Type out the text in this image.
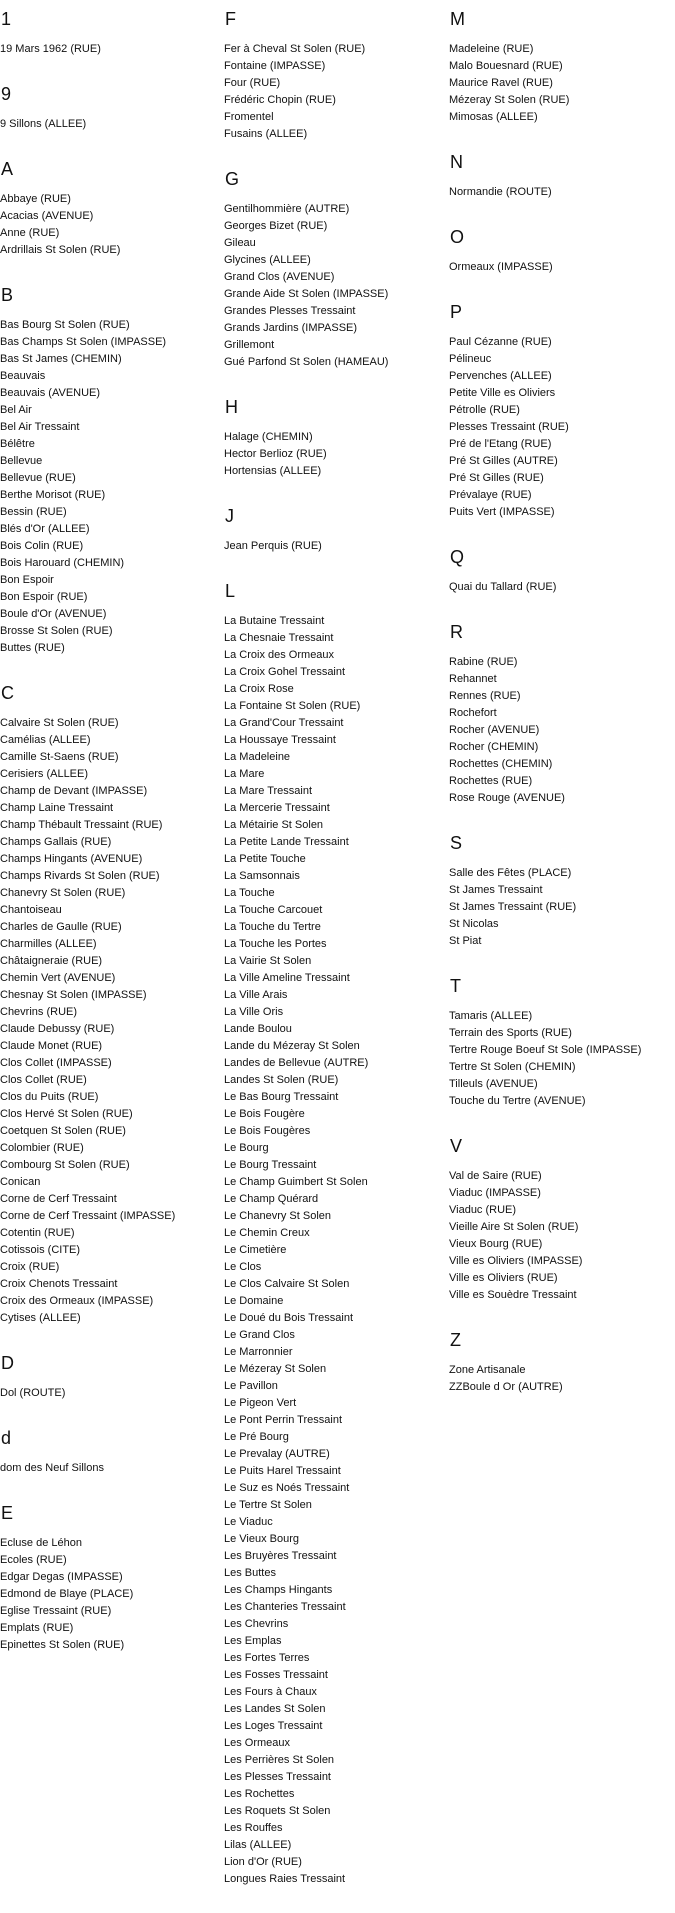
1
19 Mars 1962 (RUE)
9
9 Sillons (ALLEE)
A
Abbaye (RUE)
Acacias (AVENUE)
Anne (RUE)
Ardrillais St Solen (RUE)
B
Bas Bourg St Solen (RUE)
Bas Champs St Solen (IMPASSE)
Bas St James (CHEMIN)
Beauvais
Beauvais (AVENUE)
Bel Air
Bel Air Tressaint
Bélêtre
Bellevue
Bellevue (RUE)
Berthe Morisot (RUE)
Bessin (RUE)
Blés d'Or (ALLEE)
Bois Colin (RUE)
Bois Harouard (CHEMIN)
Bon Espoir
Bon Espoir (RUE)
Boule d'Or (AVENUE)
Brosse St Solen (RUE)
Buttes (RUE)
C
Calvaire St Solen (RUE)
Camélias (ALLEE)
Camille St-Saens (RUE)
Cerisiers (ALLEE)
Champ de Devant (IMPASSE)
Champ Laine Tressaint
Champ Thébault Tressaint (RUE)
Champs Gallais (RUE)
Champs Hingants (AVENUE)
Champs Rivards St Solen (RUE)
Chanevry St Solen (RUE)
Chantoiseau
Charles de Gaulle (RUE)
Charmilles (ALLEE)
Châtaigneraie (RUE)
Chemin Vert (AVENUE)
Chesnay St Solen (IMPASSE)
Chevrins (RUE)
Claude Debussy (RUE)
Claude Monet (RUE)
Clos Collet (IMPASSE)
Clos Collet (RUE)
Clos du Puits (RUE)
Clos Hervé St Solen (RUE)
Coetquen St Solen (RUE)
Colombier (RUE)
Combourg St Solen (RUE)
Conican
Corne de Cerf Tressaint
Corne de Cerf Tressaint (IMPASSE)
Cotentin (RUE)
Cotissois (CITE)
Croix (RUE)
Croix Chenots Tressaint
Croix des Ormeaux (IMPASSE)
Cytises (ALLEE)
D
Dol (ROUTE)
d
dom des Neuf Sillons
E
Ecluse de Léhon
Ecoles (RUE)
Edgar Degas (IMPASSE)
Edmond de Blaye (PLACE)
Eglise Tressaint (RUE)
Emplats (RUE)
Epinettes St Solen (RUE)
F
Fer à Cheval St Solen (RUE)
Fontaine (IMPASSE)
Four (RUE)
Frédéric Chopin (RUE)
Fromentel
Fusains (ALLEE)
G
Gentilhommière (AUTRE)
Georges Bizet (RUE)
Gileau
Glycines (ALLEE)
Grand Clos (AVENUE)
Grande Aide St Solen (IMPASSE)
Grandes Plesses Tressaint
Grands Jardins (IMPASSE)
Grillemont
Gué Parfond St Solen (HAMEAU)
H
Halage (CHEMIN)
Hector Berlioz (RUE)
Hortensias (ALLEE)
J
Jean Perquis (RUE)
L
La Butaine Tressaint
La Chesnaie Tressaint
La Croix des Ormeaux
La Croix Gohel Tressaint
La Croix Rose
La Fontaine St Solen (RUE)
La Grand'Cour Tressaint
La Houssaye Tressaint
La Madeleine
La Mare
La Mare Tressaint
La Mercerie Tressaint
La Métairie St Solen
La Petite Lande Tressaint
La Petite Touche
La Samsonnais
La Touche
La Touche Carcouet
La Touche du Tertre
La Touche les Portes
La Vairie St Solen
La Ville Ameline Tressaint
La Ville Arais
La Ville Oris
Lande Boulou
Lande du Mézeray St Solen
Landes de Bellevue (AUTRE)
Landes St Solen (RUE)
Le Bas Bourg Tressaint
Le Bois Fougère
Le Bois Fougères
Le Bourg
Le Bourg Tressaint
Le Champ Guimbert St Solen
Le Champ Quérard
Le Chanevry St Solen
Le Chemin Creux
Le Cimetière
Le Clos
Le Clos Calvaire St Solen
Le Domaine
Le Doué du Bois Tressaint
Le Grand Clos
Le Marronnier
Le Mézeray St Solen
Le Pavillon
Le Pigeon Vert
Le Pont Perrin Tressaint
Le Pré Bourg
Le Prevalay (AUTRE)
Le Puits Harel Tressaint
Le Suz es Noés Tressaint
Le Tertre St Solen
Le Viaduc
Le Vieux Bourg
Les Bruyères Tressaint
Les Buttes
Les Champs Hingants
Les Chanteries Tressaint
Les Chevrins
Les Emplas
Les Fortes Terres
Les Fosses Tressaint
Les Fours à Chaux
Les Landes St Solen
Les Loges Tressaint
Les Ormeaux
Les Perrières St Solen
Les Plesses Tressaint
Les Rochettes
Les Roquets St Solen
Les Rouffes
Lilas (ALLEE)
Lion d'Or (RUE)
Longues Raies Tressaint
M
Madeleine (RUE)
Malo Bouesnard (RUE)
Maurice Ravel (RUE)
Mézeray St Solen (RUE)
Mimosas (ALLEE)
N
Normandie (ROUTE)
O
Ormeaux (IMPASSE)
P
Paul Cézanne (RUE)
Pélineuc
Pervenches (ALLEE)
Petite Ville es Oliviers
Pétrolle (RUE)
Plesses Tressaint (RUE)
Pré de l'Etang (RUE)
Pré St Gilles (AUTRE)
Pré St Gilles (RUE)
Prévalaye (RUE)
Puits Vert (IMPASSE)
Q
Quai du Tallard (RUE)
R
Rabine (RUE)
Rehannet
Rennes (RUE)
Rochefort
Rocher (AVENUE)
Rocher (CHEMIN)
Rochettes (CHEMIN)
Rochettes (RUE)
Rose Rouge (AVENUE)
S
Salle des Fêtes (PLACE)
St James Tressaint
St James Tressaint (RUE)
St Nicolas
St Piat
T
Tamaris (ALLEE)
Terrain des Sports (RUE)
Tertre Rouge Boeuf St Sole (IMPASSE)
Tertre St Solen (CHEMIN)
Tilleuls (AVENUE)
Touche du Tertre (AVENUE)
V
Val de Saire (RUE)
Viaduc (IMPASSE)
Viaduc (RUE)
Vieille Aire St Solen (RUE)
Vieux Bourg (RUE)
Ville es Oliviers (IMPASSE)
Ville es Oliviers (RUE)
Ville es Souèdre Tressaint
Z
Zone Artisanale
ZZBoule d Or (AUTRE)
